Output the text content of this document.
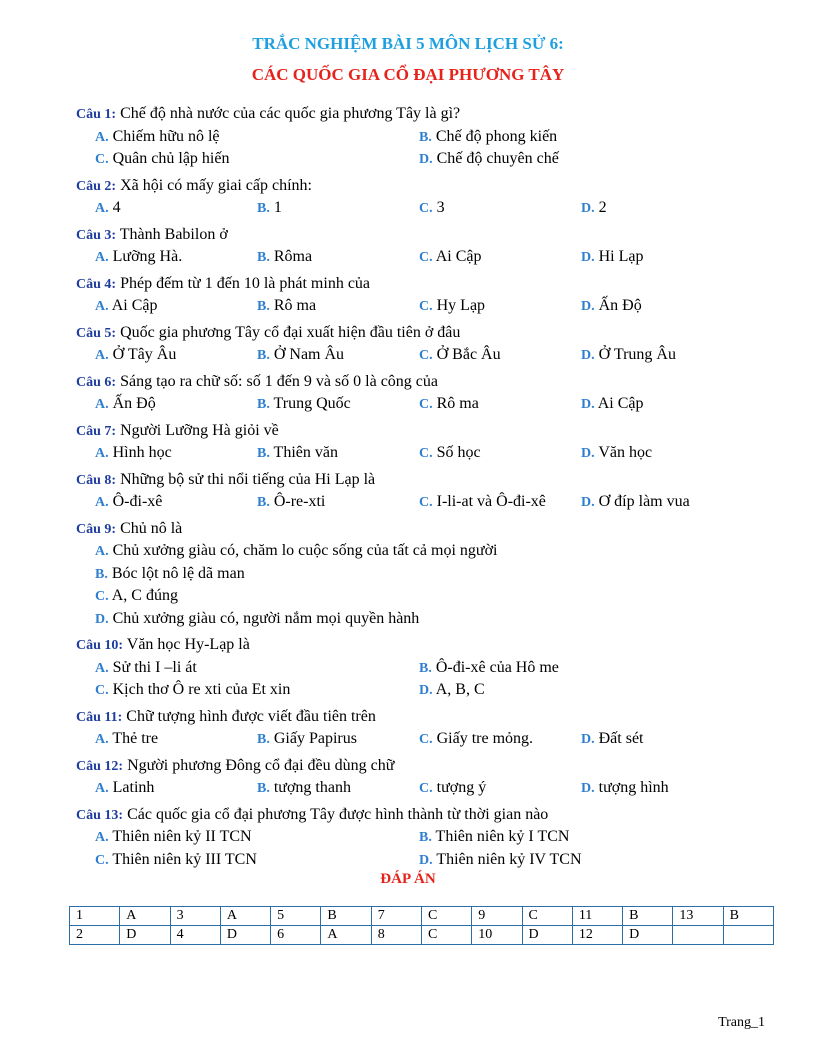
TRẮC NGHIỆM BÀI 5 MÔN LỊCH SỬ 6:
CÁC QUỐC GIA CỔ ĐẠI PHƯƠNG TÂY

Câu 1: Chế độ nhà nước của các quốc gia phương Tây là gì?

A. Chiếm hữu nô lệ	B. Chế độ phong kiến
C. Quân chủ lập hiến	D. Chế độ chuyên chế

Câu 2: Xã hội có mấy giai cấp chính:

A. 4	B. 1	C. 3	D. 2

Câu 3: Thành Babilon ở

A. Lưỡng Hà.	B. Rôma	C. Ai Cập	D. Hi Lạp

Câu 4: Phép đếm từ 1 đến 10 là phát minh của

A. Ai Cập	B. Rô ma	C. Hy Lạp	D. Ấn Độ

Câu 5: Quốc gia phương Tây cổ đại xuất hiện đầu tiên ở đâu

A. Ở Tây Âu	B. Ở Nam Âu	C. Ở Bắc Âu	D. Ở Trung Âu

Câu 6: Sáng tạo ra chữ số: số 1 đến 9 và số 0 là công của

A. Ấn Độ	B. Trung Quốc	C. Rô ma	D. Ai Cập

Câu 7: Người Lưỡng Hà giỏi về

A. Hình học	B. Thiên văn	C. Số học	D. Văn học

Câu 8: Những bộ sử thi nổi tiếng của Hi Lạp là

A. Ô-đi-xê	B. Ô-re-xti	C. I-li-at và Ô-đi-xê	D. Ơ đíp làm vua

Câu 9: Chủ nô là

A. Chủ xưởng giàu có, chăm lo cuộc sống của tất cả mọi người
B. Bóc lột nô lệ dã man
C. A, C đúng
D. Chủ xưởng giàu có, người nắm mọi quyền hành

Câu 10: Văn học Hy-Lạp là

A. Sử thi I –li át	B. Ô-đi-xê của Hô me
C. Kịch thơ Ô re xti của Et xin	D. A, B, C

Câu 11: Chữ tượng hình được viết đầu tiên trên

A. Thẻ tre	B. Giấy Papirus	C. Giấy tre mỏng.	D. Đất sét

Câu 12: Người phương Đông cổ đại đều dùng chữ

A. Latinh	B. tượng thanh	C. tượng ý	D. tượng hình

Câu 13: Các quốc gia cổ đại phương Tây được hình thành từ thời gian nào

A. Thiên niên kỷ II TCN	B. Thiên niên kỷ I TCN
C. Thiên niên kỷ III TCN	D. Thiên niên kỷ IV TCN
ĐÁP ÁN
1	A	3	A	5	B	7	C	9	C	11	B	13	B
2	D	4	D	6	A	8	C	10	D	12	D		
Trang_1
